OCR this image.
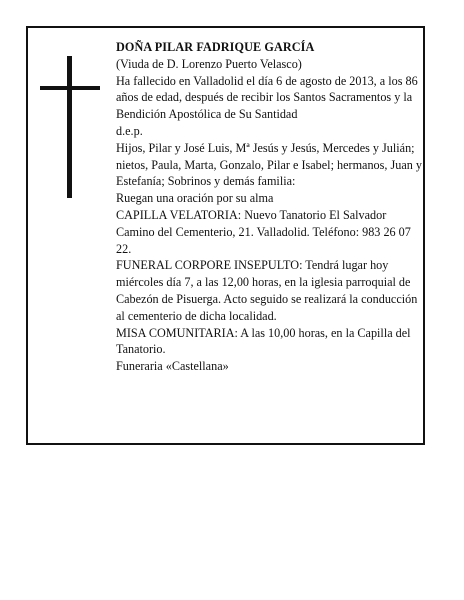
DOÑA PILAR FADRIQUE GARCÍA

(Viuda de D. Lorenzo Puerto Velasco)

Ha fallecido en Valladolid el día 6 de agosto de 2013, a los 86 años de edad, después de recibir los Santos Sacramentos y la Bendición Apostólica de Su Santidad

d.e.p.

Hijos, Pilar y José Luis, Mª Jesús y Jesús, Mercedes y Julián; nietos, Paula, Marta, Gonzalo, Pilar e Isabel; hermanos, Juan y Estefanía; Sobrinos y demás familia:

Ruegan una oración por su alma

CAPILLA VELATORIA: Nuevo Tanatorio El Salvador Camino del Cementerio, 21. Valladolid. Teléfono: 983 26 07 22.

FUNERAL CORPORE INSEPULTO: Tendrá lugar hoy miércoles día 7, a las 12,00 horas, en la iglesia parroquial de Cabezón de Pisuerga. Acto seguido se realizará la conducción al cementerio de dicha localidad.

MISA COMUNITARIA: A las 10,00 horas, en la Capilla del Tanatorio.

Funeraria «Castellana»
